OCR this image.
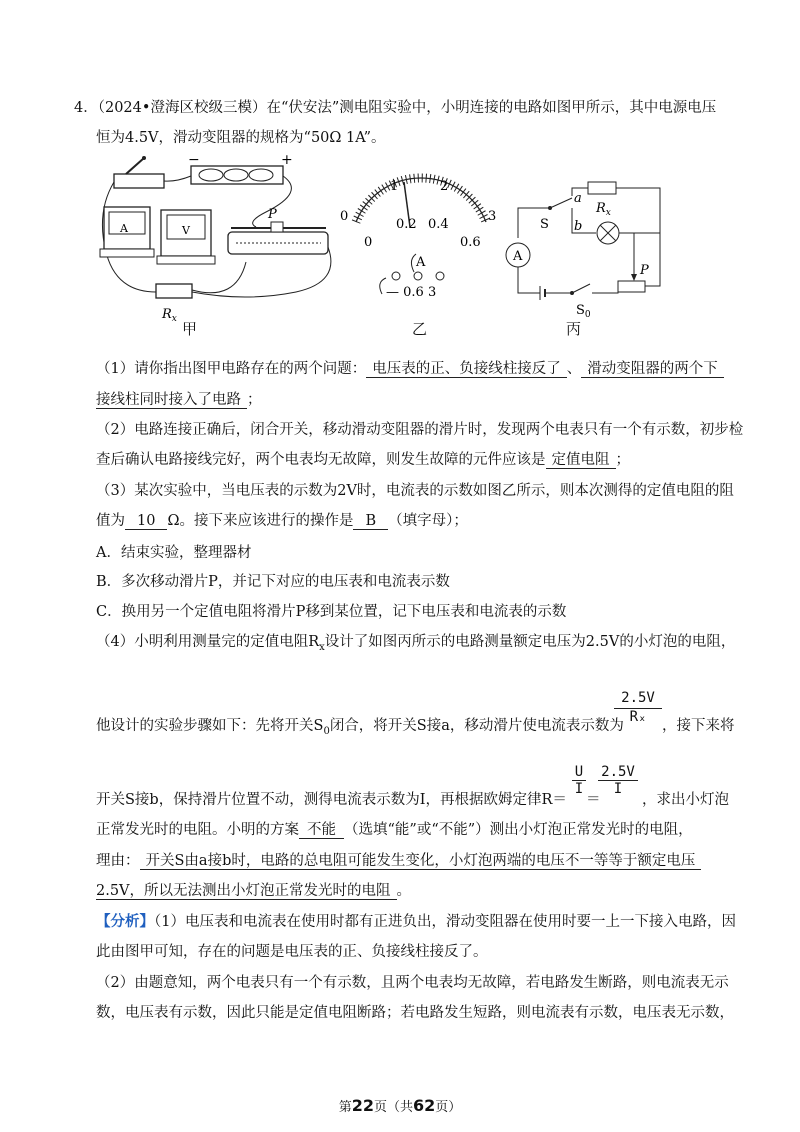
4．（2024•澄海区校级三模）在“伏安法”测电阻实验中，小明连接的电路如图甲所示，其中电源电压
恒为4.5V，滑动变阻器的规格为“50Ω 1A”。
−	+
A	V
P
$R_x$
甲
0
1	2
3
0
0.2 0.4
0.6
A
— 0.6 3
乙
A
S
a
b
$R_x$
P
$S_0$
丙
（1）请你指出图甲电路存在的两个问题： 电压表的正、负接线柱接反了 、 滑动变阻器的两个下
接线柱同时接入了电路 ；
（2）电路连接正确后，闭合开关，移动滑动变阻器的滑片时，发现两个电表只有一个有示数，初步检
查后确认电路接线完好，两个电表均无故障，则发生故障的元件应该是 定值电阻 ；
（3）某次实验中，当电压表的示数为2V时，电流表的示数如图乙所示，则本次测得的定值电阻的阻
值为 10 Ω。接下来应该进行的操作是 B （填字母）；
A．结束实验，整理器材
B．多次移动滑片P，并记下对应的电压表和电流表示数
C．换用另一个定值电阻将滑片P移到某位置，记下电压表和电流表的示数
（4）小明利用测量完的定值电阻$R_x$设计了如图丙所示的电路测量额定电压为2.5V的小灯泡的电阻，
$\frac{2.5V}{\text{Rₓ}}$
他设计的实验步骤如下：先将开关$S_0$闭合，将开关S接a，移动滑片使电流表示数为	，接下来将
$\frac{U}{I} \frac{2.5V}{I}$
开关S接b，保持滑片位置不动，测得电流表示数为I，再根据欧姆定律R＝ ＝	，求出小灯泡
正常发光时的电阻。小明的方案 不能 （选填“能”或“不能”）测出小灯泡正常发光时的电阻，
理由： 开关S由a接b时，电路的总电阻可能发生变化，小灯泡两端的电压不一等等于额定电压
2.5V，所以无法测出小灯泡正常发光时的电阻 。
【分析】（1）电压表和电流表在使用时都有正进负出，滑动变阻器在使用时要一上一下接入电路，因
此由图甲可知，存在的问题是电压表的正、负接线柱接反了。
（2）由题意知，两个电表只有一个有示数，且两个电表均无故障，若电路发生断路，则电流表无示
数，电压表有示数，因此只能是定值电阻断路；若电路发生短路，则电流表有示数，电压表无示数，
第22页（共62页）
